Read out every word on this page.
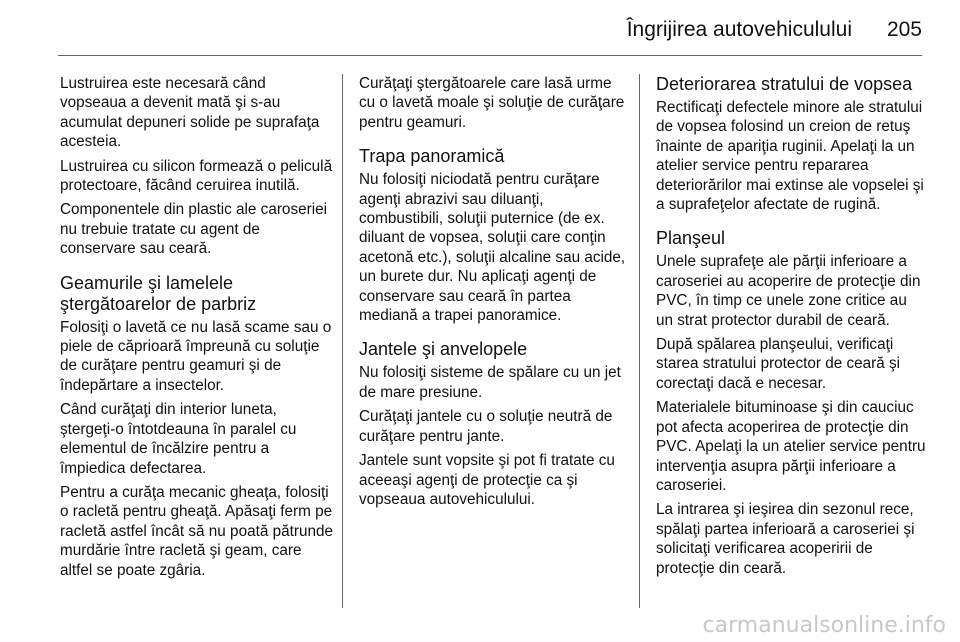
Îngrijirea autovehiculului 205

Lustruirea este necesară când vopseaua a devenit mată şi s-au acumulat depuneri solide pe suprafaţa acesteia.

Lustruirea cu silicon formează o peliculă protectoare, făcând ceruirea inutilă.

Componentele din plastic ale caroseriei nu trebuie tratate cu agent de conservare sau ceară.

Geamurile şi lamelele ştergătoarelor de parbriz

Folosiţi o lavetă ce nu lasă scame sau o piele de căprioară împreună cu soluţie de curăţare pentru geamuri şi de îndepărtare a insectelor.

Când curăţaţi din interior luneta, ştergeţi-o întotdeauna în paralel cu elementul de încălzire pentru a împiedica defectarea.

Pentru a curăţa mecanic gheaţa, folosiţi o racletă pentru gheaţă. Apăsaţi ferm pe racletă astfel încât să nu poată pătrunde murdărie între racletă şi geam, care altfel se poate zgâria.

Curăţaţi ştergătoarele care lasă urme cu o lavetă moale şi soluţie de curăţare pentru geamuri.

Trapa panoramică

Nu folosiţi niciodată pentru curăţare agenţi abrazivi sau diluanţi, combustibili, soluţii puternice (de ex. diluant de vopsea, soluţii care conţin acetonă etc.), soluţii alcaline sau acide, un burete dur. Nu aplicaţi agenţi de conservare sau ceară în partea mediană a trapei panoramice.

Jantele şi anvelopele

Nu folosiţi sisteme de spălare cu un jet de mare presiune.

Curăţaţi jantele cu o soluţie neutră de curăţare pentru jante.

Jantele sunt vopsite şi pot fi tratate cu aceeaşi agenţi de protecţie ca şi vopseaua autovehiculului.

Deteriorarea stratului de vopsea

Rectificaţi defectele minore ale stratului de vopsea folosind un creion de retuş înainte de apariţia ruginii. Apelaţi la un atelier service pentru repararea deteriorărilor mai extinse ale vopselei şi a suprafeţelor afectate de rugină.

Planşeul

Unele suprafeţe ale părţii inferioare a caroseriei au acoperire de protecţie din PVC, în timp ce unele zone critice au un strat protector durabil de ceară.

După spălarea planşeului, verificaţi starea stratului protector de ceară şi corectaţi dacă e necesar.

Materialele bituminoase şi din cauciuc pot afecta acoperirea de protecţie din PVC. Apelaţi la un atelier service pentru intervenţia asupra părţii inferioare a caroseriei.

La intrarea şi ieşirea din sezonul rece, spălaţi partea inferioară a caroseriei şi solicitaţi verificarea acoperirii de protecţie din ceară.

carmanualsonline.info
